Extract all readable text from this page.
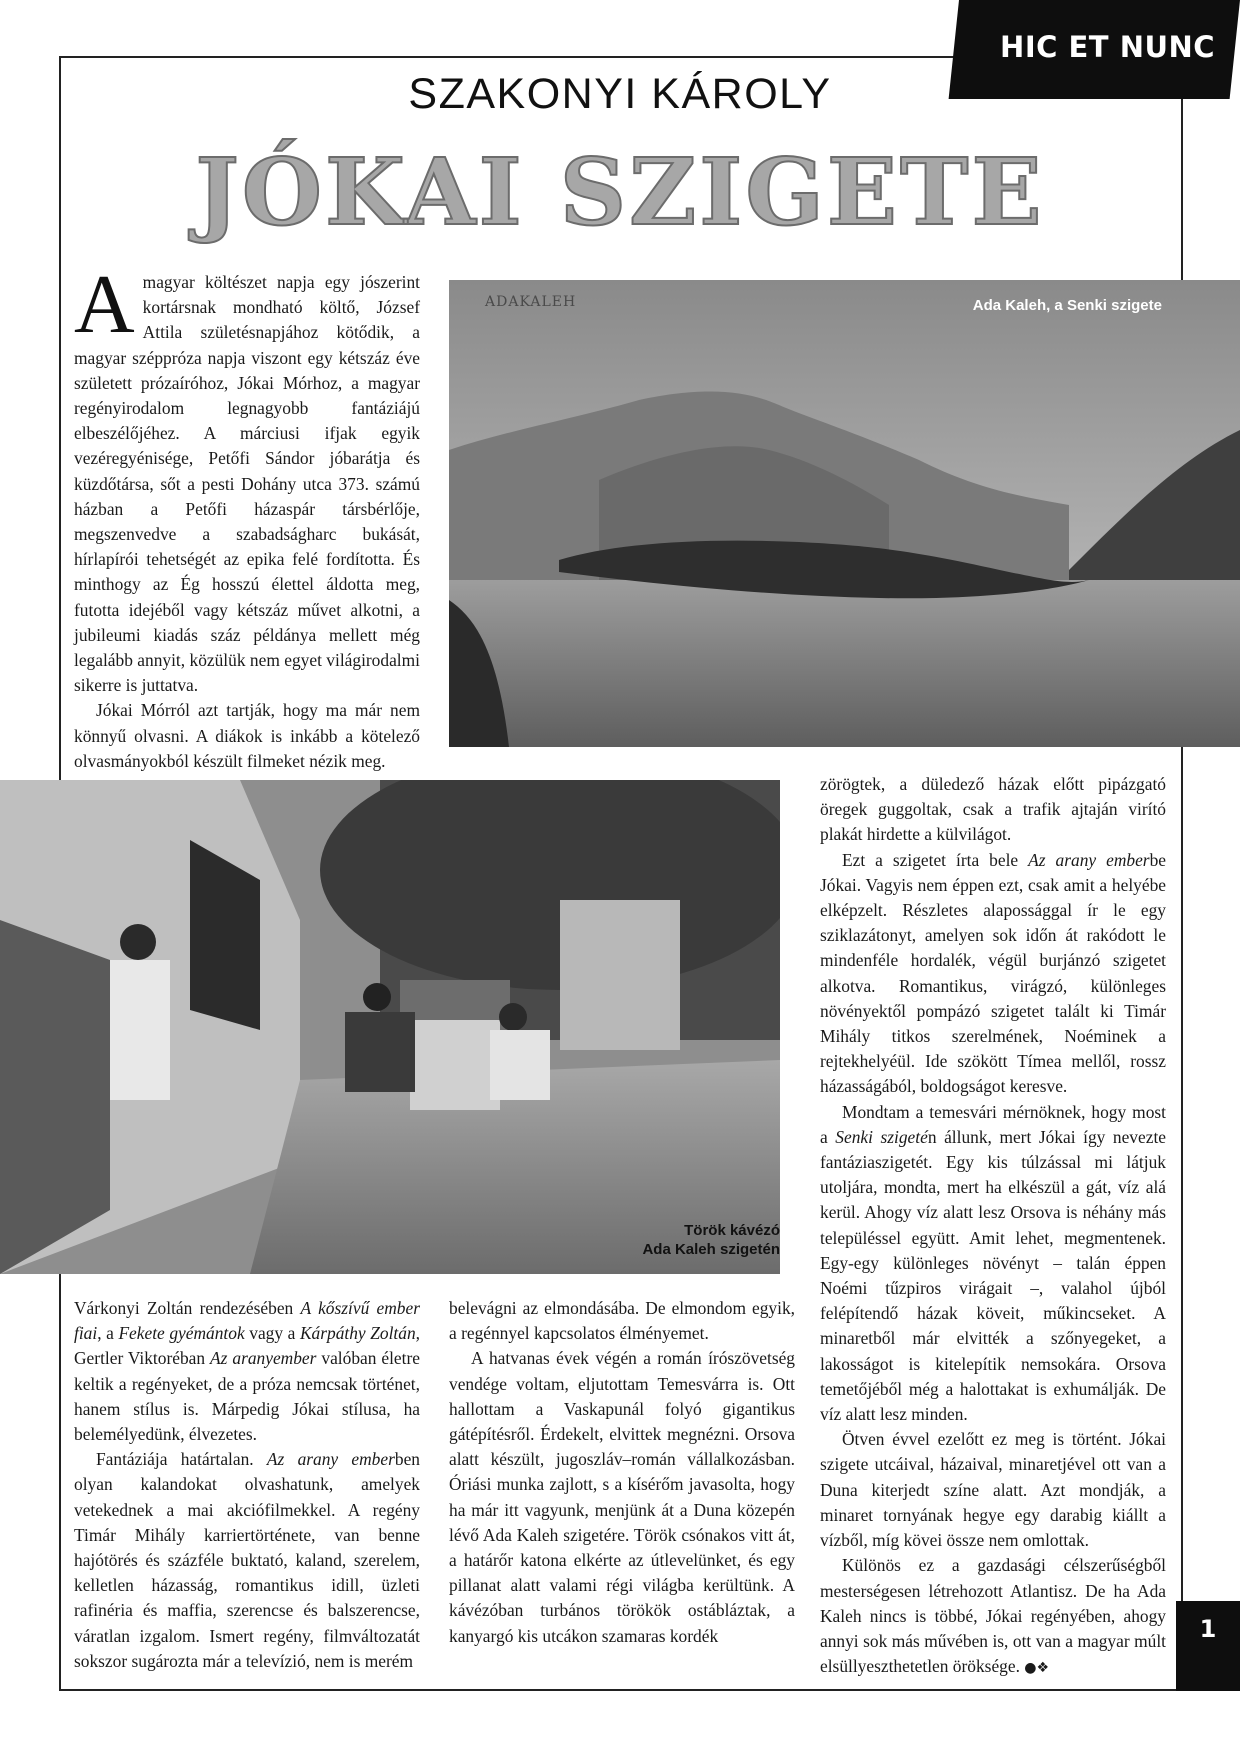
HIC ET NUNC
SZAKONYI KÁROLY
JÓKAI SZIGETE

A magyar költészet napja egy jószerint kortársnak mondható költő, József Attila születésnapjához kötődik, a magyar széppróza napja viszont egy kétszáz éve született prózaíróhoz, Jókai Mórhoz, a magyar regényirodalom legnagyobb fantáziájú elbeszélőjéhez. A márciusi ifjak egyik vezéregyénisége, Petőfi Sándor jóbarátja és küzdőtársa, sőt a pesti Dohány utca 373. számú házban a Petőfi házaspár társbérlője, megszenvedve a szabadságharc bukását, hírlapírói tehetségét az epika felé fordította. És minthogy az Ég hosszú élettel áldotta meg, futotta idejéből vagy kétszáz művet alkotni, a jubileumi kiadás száz példánya mellett még legalább annyit, közülük nem egyet világirodalmi sikerre is juttatva.

Jókai Mórról azt tartják, hogy ma már nem könnyű olvasni. A diákok is inkább a kötelező olvasmányokból készült filmeket nézik meg.

ADAKALEH	Ada Kaleh, a Senki szigete
Török kávézó
Ada Kaleh szigetén

Várkonyi Zoltán rendezésében A kőszívű ember fiai, a Fekete gyémántok vagy a Kárpáthy Zoltán, Gertler Viktoréban Az aranyember valóban életre keltik a regényeket, de a próza nemcsak történet, hanem stílus is. Márpedig Jókai stílusa, ha belemélyedünk, élvezetes.

Fantáziája határtalan. Az arany emberben olyan kalandokat olvashatunk, amelyek vetekednek a mai akciófilmekkel. A regény Timár Mihály karriertörténete, van benne hajótörés és százféle buktató, kaland, szerelem, kelletlen házasság, romantikus idill, üzleti rafinéria és maffia, szerencse és balszerencse, váratlan izgalom. Ismert regény, filmváltozatát sokszor sugározta már a televízió, nem is merém

belevágni az elmondásába. De elmondom egyik, a regénnyel kapcsolatos élményemet.

A hatvanas évek végén a román írószövetség vendége voltam, eljutottam Temesvárra is. Ott hallottam a Vaskapunál folyó gigantikus gátépítésről. Érdekelt, elvittek megnézni. Orsova alatt készült, jugoszláv–román vállalkozásban. Óriási munka zajlott, s a kísérőm javasolta, hogy ha már itt vagyunk, menjünk át a Duna közepén lévő Ada Kaleh szigetére. Török csónakos vitt át, a határőr katona elkérte az útlevelünket, és egy pillanat alatt valami régi világba kerültünk. A kávézóban turbános törökök ostábláztak, a kanyargó kis utcákon szamaras kordék

zörögtek, a düledező házak előtt pipázgató öregek guggoltak, csak a trafik ajtaján virító plakát hirdette a külvilágot.

Ezt a szigetet írta bele Az arany emberbe Jókai. Vagyis nem éppen ezt, csak amit a helyébe elképzelt. Részletes alapossággal ír le egy sziklazátonyt, amelyen sok időn át rakódott le mindenféle hordalék, végül burjánzó szigetet alkotva. Romantikus, virágzó, különleges növényektől pompázó szigetet talált ki Timár Mihály titkos szerelmének, Noéminek a rejtekhelyéül. Ide szökött Tímea mellől, rossz házasságából, boldogságot keresve.

Mondtam a temesvári mérnöknek, hogy most a Senki szigetén állunk, mert Jókai így nevezte fantáziaszigetét. Egy kis túlzással mi látjuk utoljára, mondta, mert ha elkészül a gát, víz alá kerül. Ahogy víz alatt lesz Orsova is néhány más településsel együtt. Amit lehet, megmentenek. Egy-egy különleges növényt – talán éppen Noémi tűzpiros virágait –, valahol újból felépítendő házak köveit, műkincseket. A minaretből már elvitték a szőnyegeket, a lakosságot is kitelepítik nemsokára. Orsova temetőjéből még a halottakat is exhumálják. De víz alatt lesz minden.

Ötven évvel ezelőtt ez meg is történt. Jókai szigete utcáival, házaival, minaretjével ott van a Duna kiterjedt színe alatt. Azt mondják, a minaret tornyának hegye egy darabig kiállt a vízből, míg kövei össze nem omlottak.

Különös ez a gazdasági célszerűségből mesterségesen létrehozott Atlantisz. De ha Ada Kaleh nincs is többé, Jókai regényében, ahogy annyi sok más művében is, ott van a magyar múlt elsüllyeszthetetlen öröksége. ●❖

1
